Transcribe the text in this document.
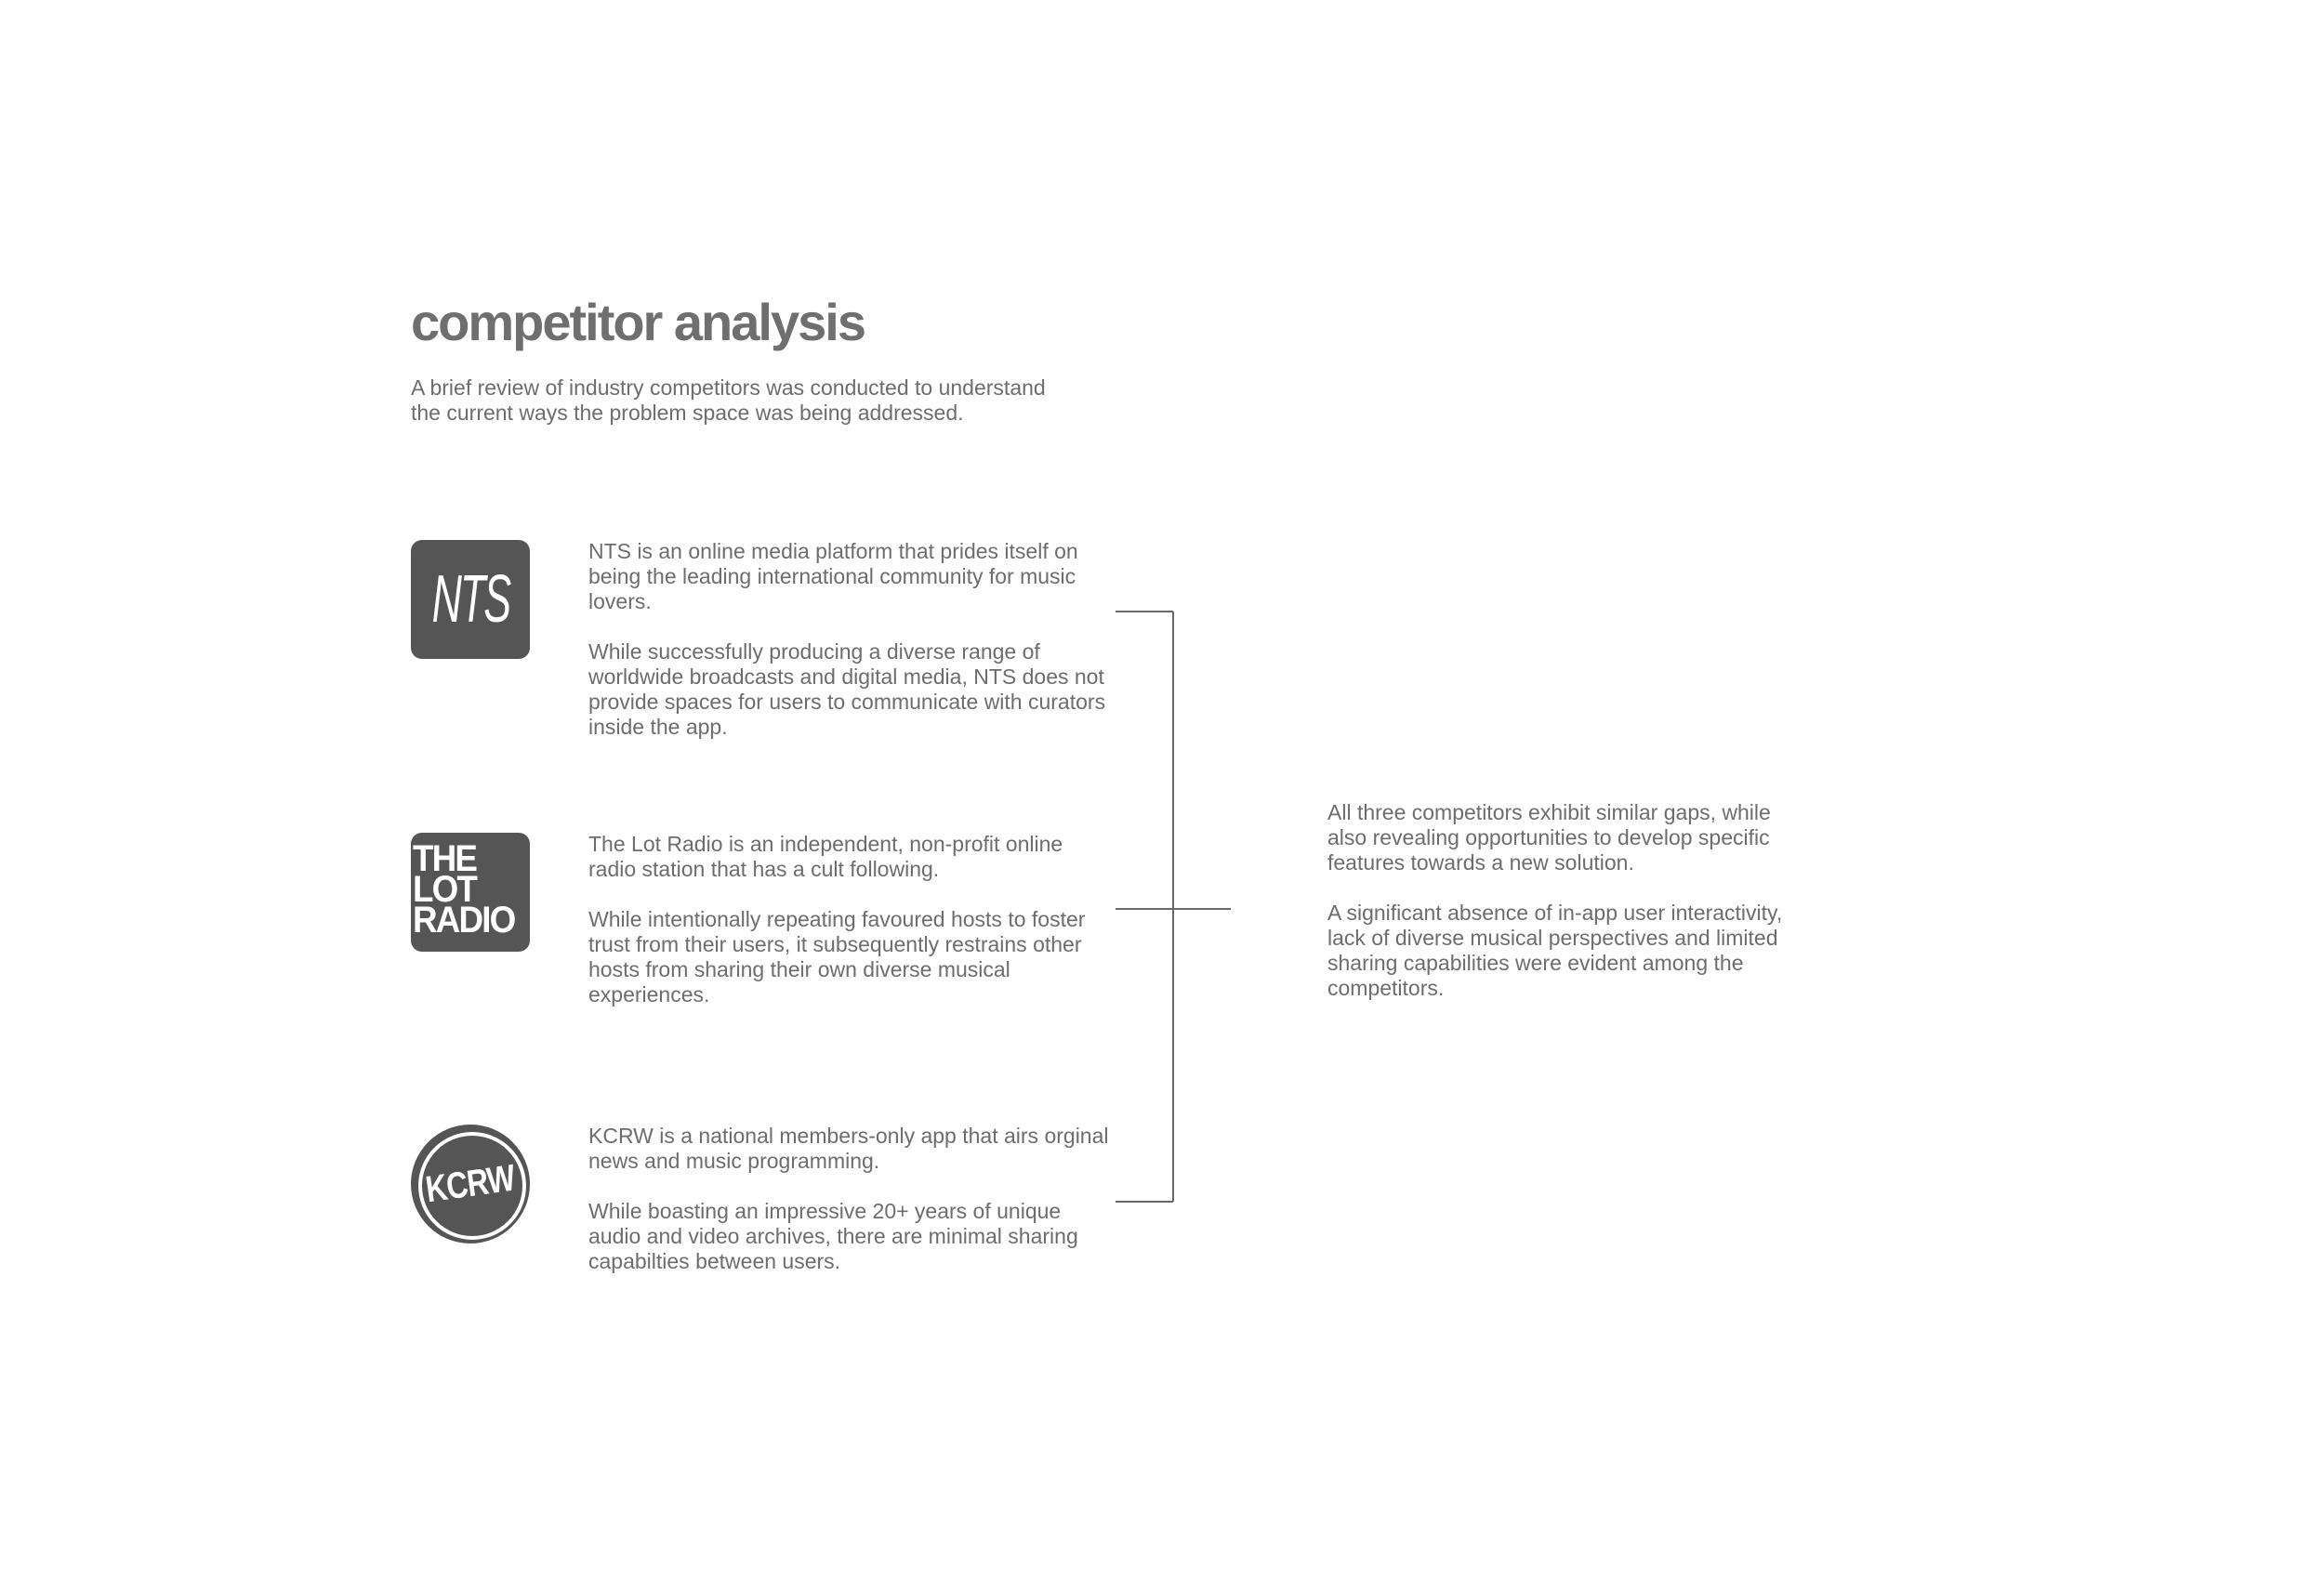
competitor analysis

A brief review of industry competitors was conducted to understand the current ways the problem space was being addressed.

NTS

NTS is an online media platform that prides itself on being the leading international community for music lovers.

While successfully producing a diverse range of worldwide broadcasts and digital media, NTS does not provide spaces for users to communicate with curators inside the app.

THE
LOT
RADIO

The Lot Radio is an independent, non-profit online radio station that has a cult following.

While intentionally repeating favoured hosts to foster trust from their users, it subsequently restrains other hosts from sharing their own diverse musical experiences.

KCRW

KCRW is a national members-only app that airs orginal news and music programming.

While boasting an impressive 20+ years of unique audio and video archives, there are minimal sharing capabilties between users.

All three competitors exhibit similar gaps, while also revealing opportunities to develop specific features towards a new solution.

A significant absence of in-app user interactivity, lack of diverse musical perspectives and limited sharing capabilities were evident among the competitors.
